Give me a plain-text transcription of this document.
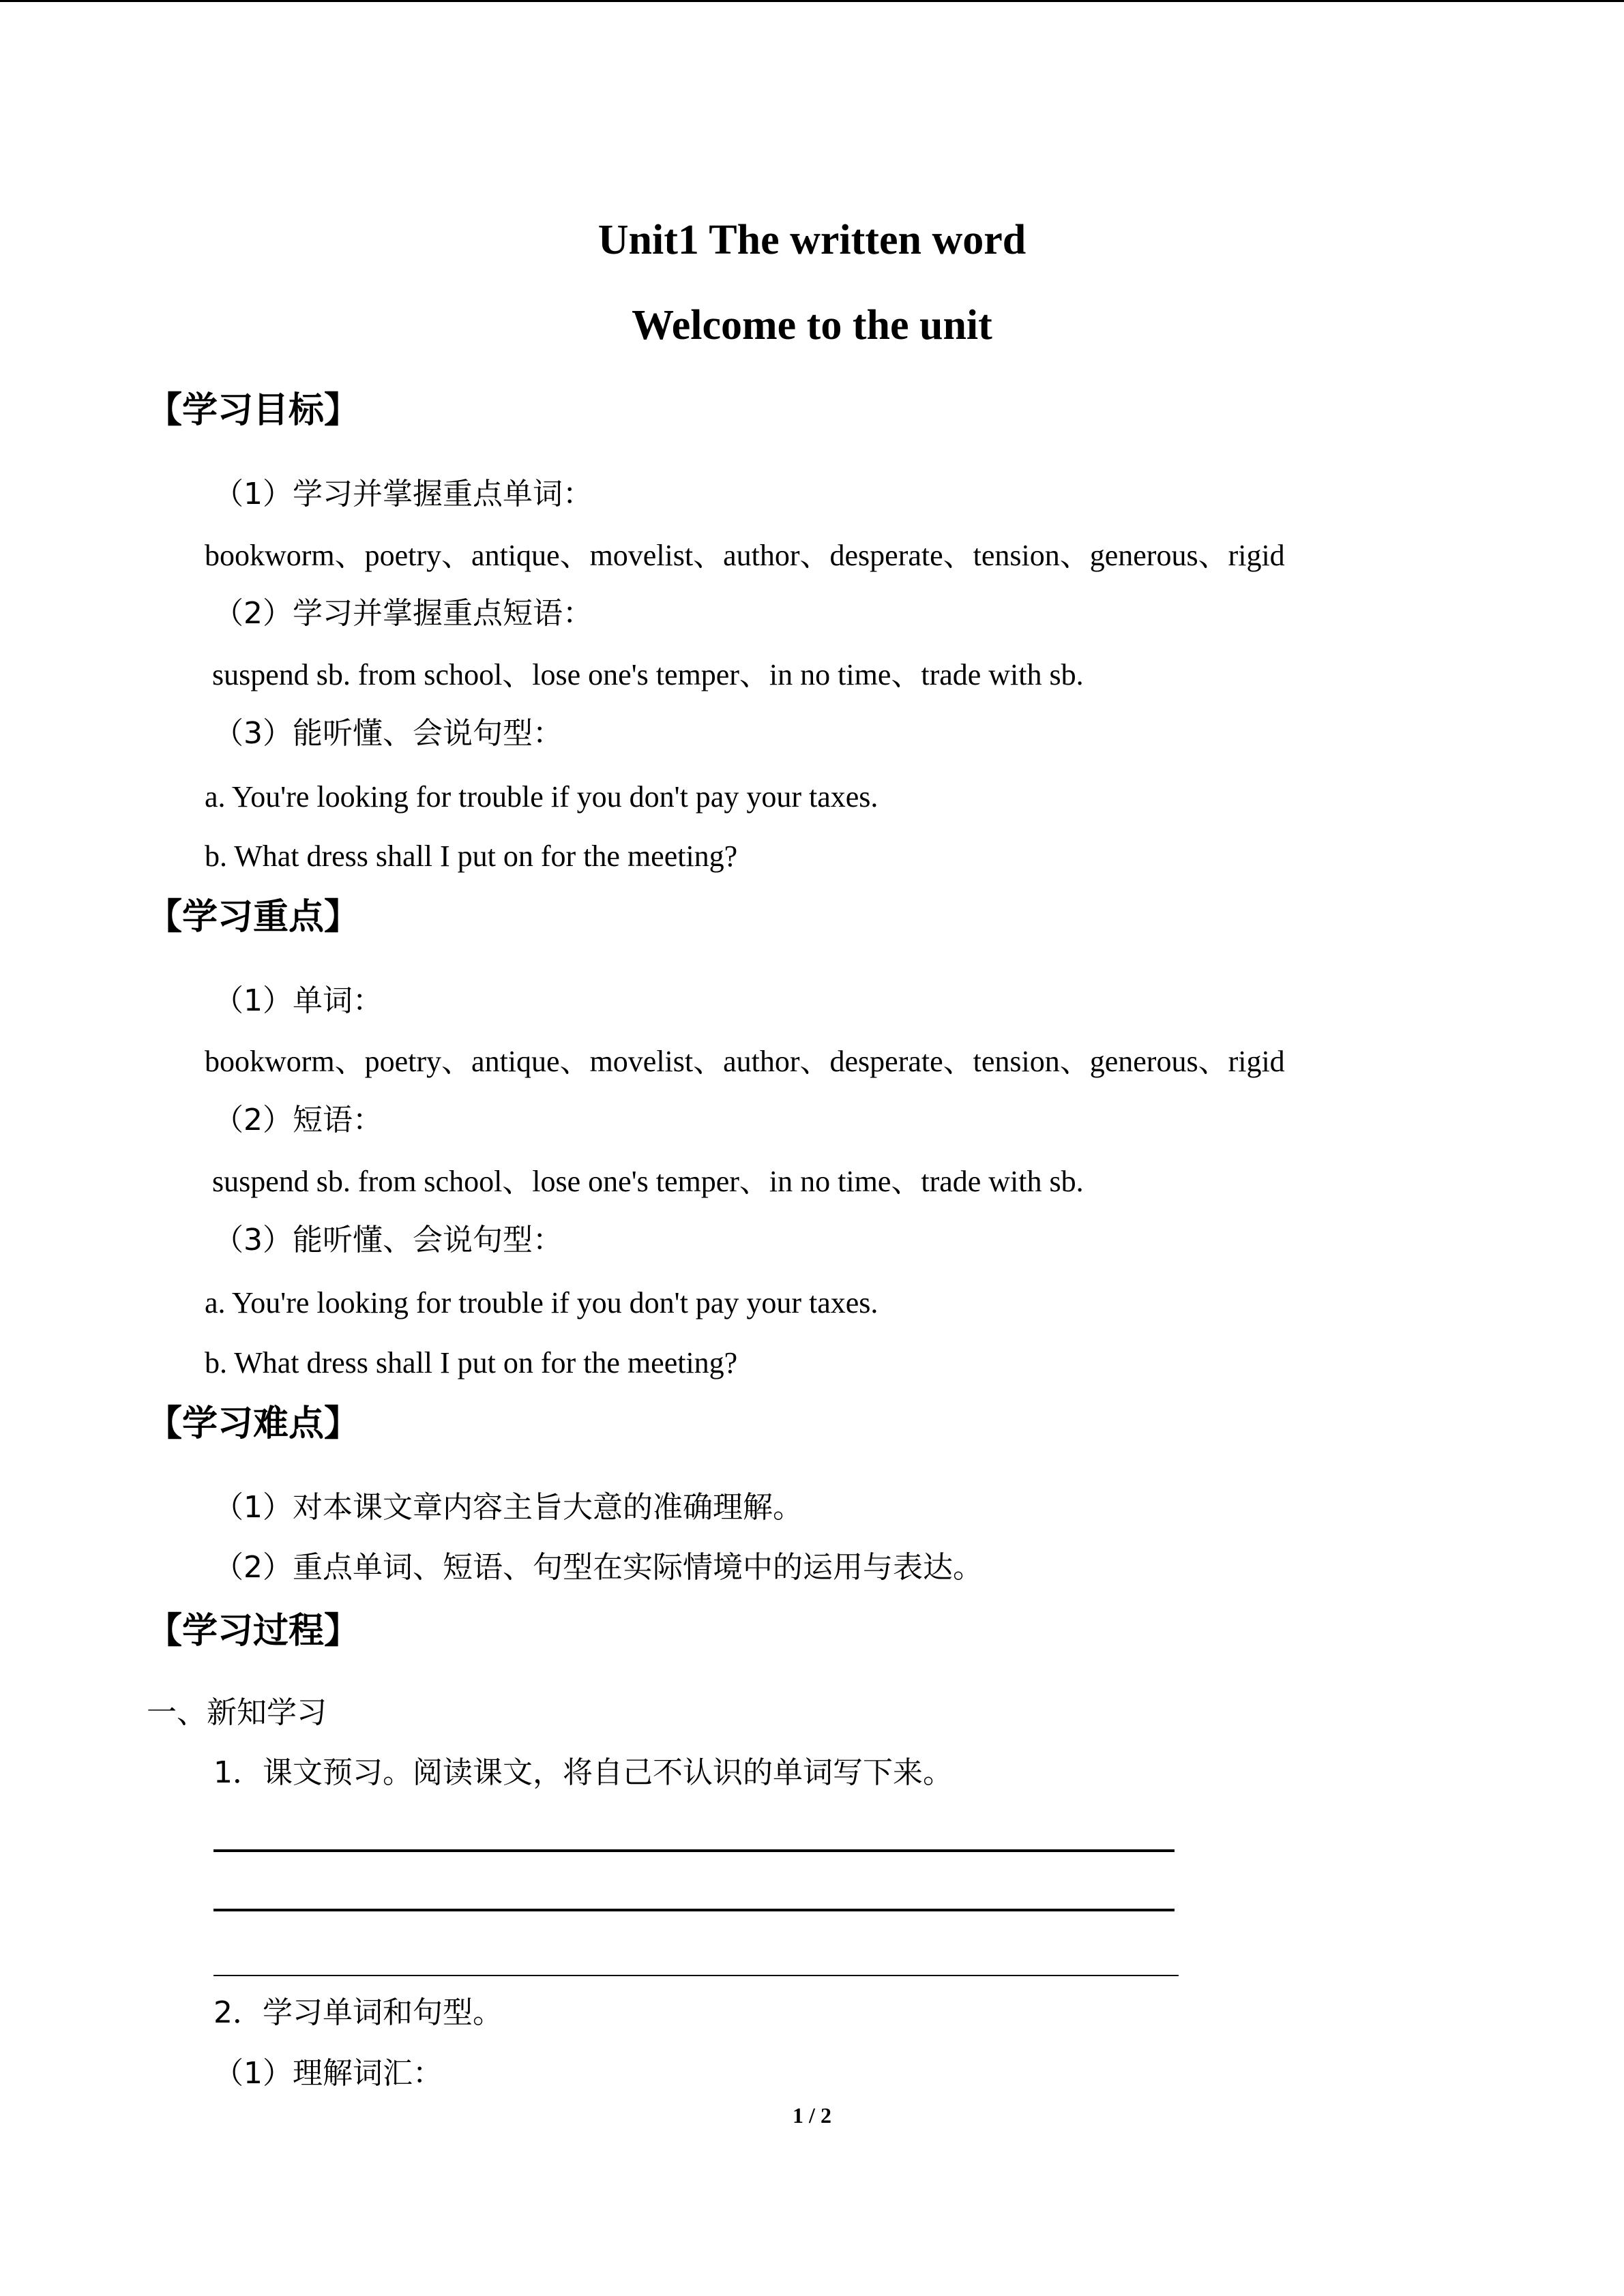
Unit1 The written word
Welcome to the unit
【学习目标】
（1）学习并掌握重点单词：
bookworm、poetry、antique、movelist、author、desperate、tension、generous、rigid
（2）学习并掌握重点短语：
suspend sb. from school、lose one's temper、in no time、trade with sb.
（3）能听懂、会说句型：
a. You're looking for trouble if you don't pay your taxes.
b. What dress shall I put on for the meeting?
【学习重点】
（1）单词：
bookworm、poetry、antique、movelist、author、desperate、tension、generous、rigid
（2）短语：
suspend sb. from school、lose one's temper、in no time、trade with sb.
（3）能听懂、会说句型：
a. You're looking for trouble if you don't pay your taxes.
b. What dress shall I put on for the meeting?
【学习难点】
（1）对本课文章内容主旨大意的准确理解。
（2）重点单词、短语、句型在实际情境中的运用与表达。
【学习过程】
一、新知学习
1．课文预习。阅读课文，将自己不认识的单词写下来。
2．学习单词和句型。
（1）理解词汇：
1 / 2
